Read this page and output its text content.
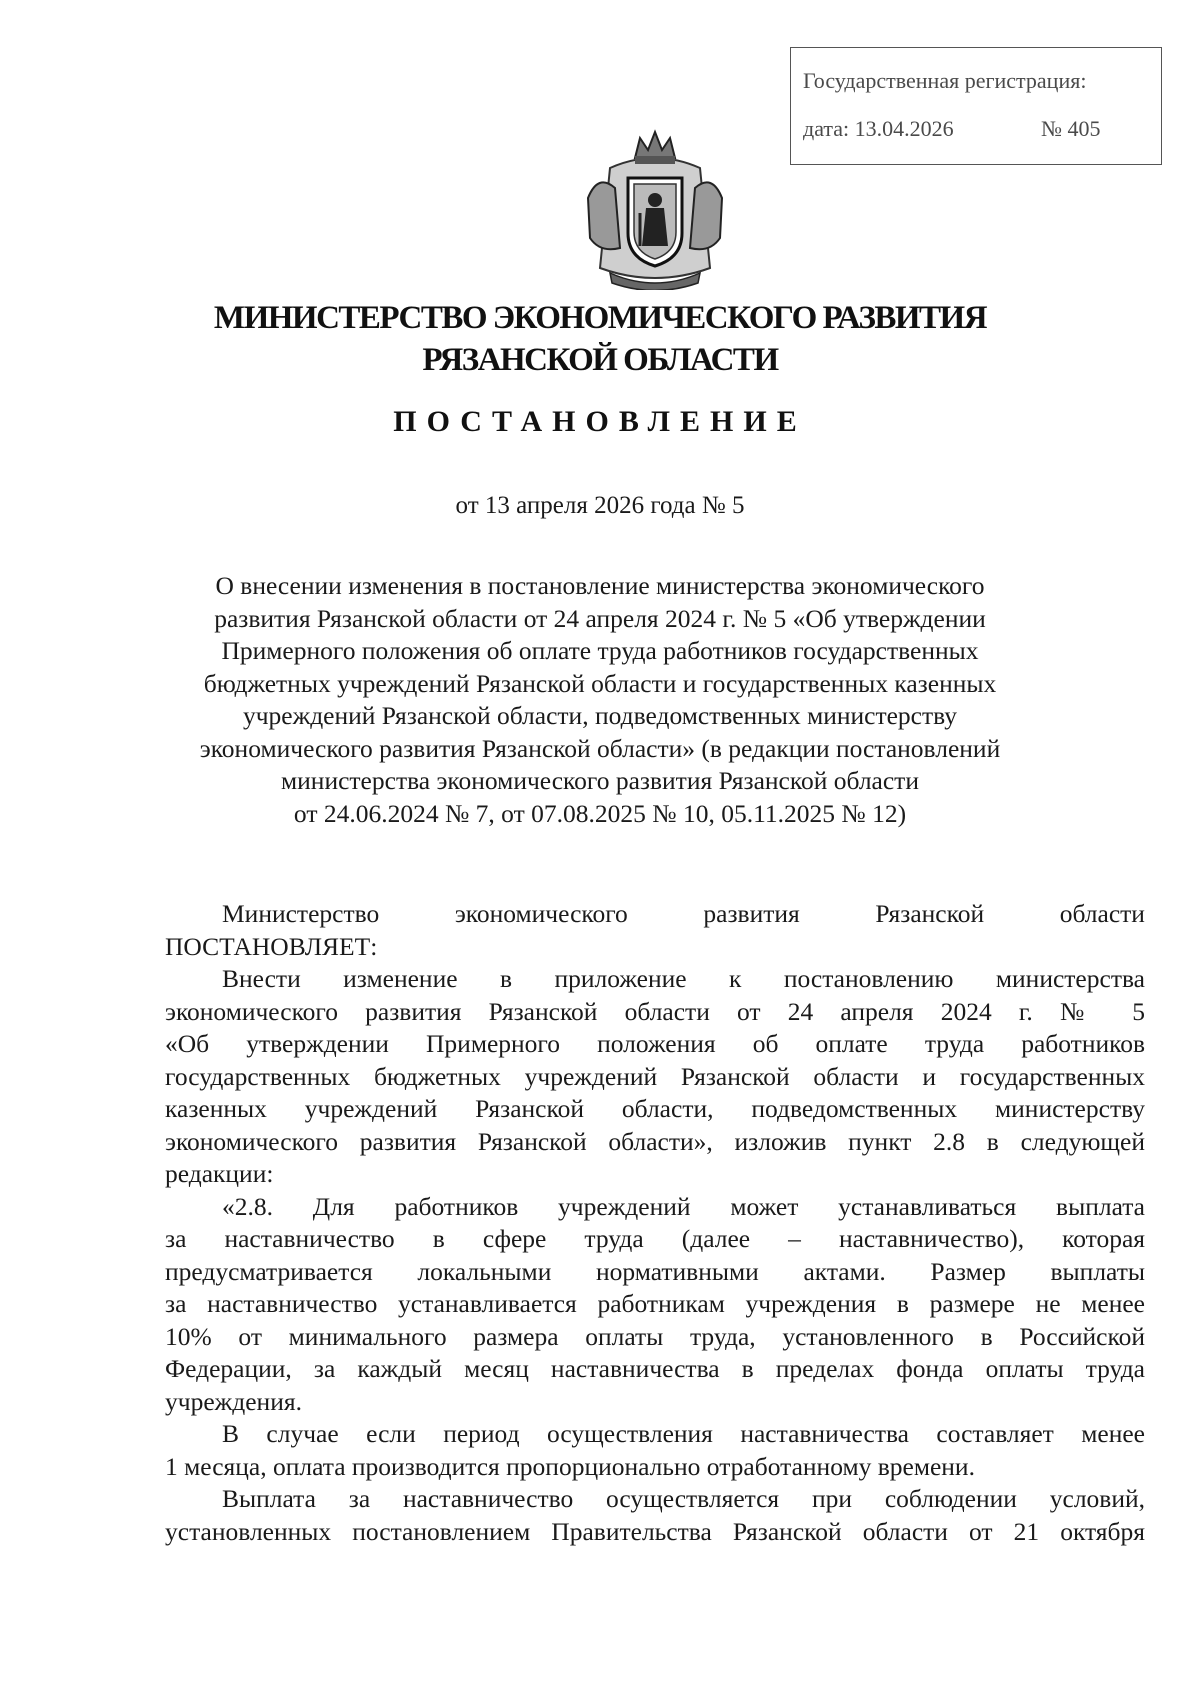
Государственная регистрация:
дата: 13.04.2026	№ 405
МИНИСТЕРСТВО ЭКОНОМИЧЕСКОГО РАЗВИТИЯ
РЯЗАНСКОЙ ОБЛАСТИ
ПОСТАНОВЛЕНИЕ
от 13 апреля 2026 года № 5
О внесении изменения в постановление министерства экономического
развития Рязанской области от 24 апреля 2024 г. № 5 «Об утверждении
Примерного положения об оплате труда работников государственных
бюджетных учреждений Рязанской области и государственных казенных
учреждений Рязанской области, подведомственных министерству
экономического развития Рязанской области» (в редакции постановлений
министерства экономического развития Рязанской области
от 24.06.2024 № 7, от 07.08.2025 № 10, 05.11.2025 № 12)
Министерство	экономического	развития	Рязанской	области
ПОСТАНОВЛЯЕТ:
Внести изменение в приложение к постановлению министерства
экономического развития Рязанской области от 24 апреля 2024 г. № 5
«Об утверждении Примерного положения об оплате труда работников
государственных бюджетных учреждений Рязанской области и государственных
казенных учреждений Рязанской области, подведомственных министерству
экономического развития Рязанской области», изложив пункт 2.8 в следующей
редакции:
«2.8. Для работников учреждений может устанавливаться выплата
за наставничество в сфере труда (далее – наставничество), которая
предусматривается локальными нормативными актами. Размер выплаты
за наставничество устанавливается работникам учреждения в размере не менее
10% от минимального размера оплаты труда, установленного в Российской
Федерации, за каждый месяц наставничества в пределах фонда оплаты труда
учреждения.
В случае если период осуществления наставничества составляет менее
1 месяца, оплата производится пропорционально отработанному времени.
Выплата за наставничество осуществляется при соблюдении условий,
установленных постановлением Правительства Рязанской области от 21 октября
